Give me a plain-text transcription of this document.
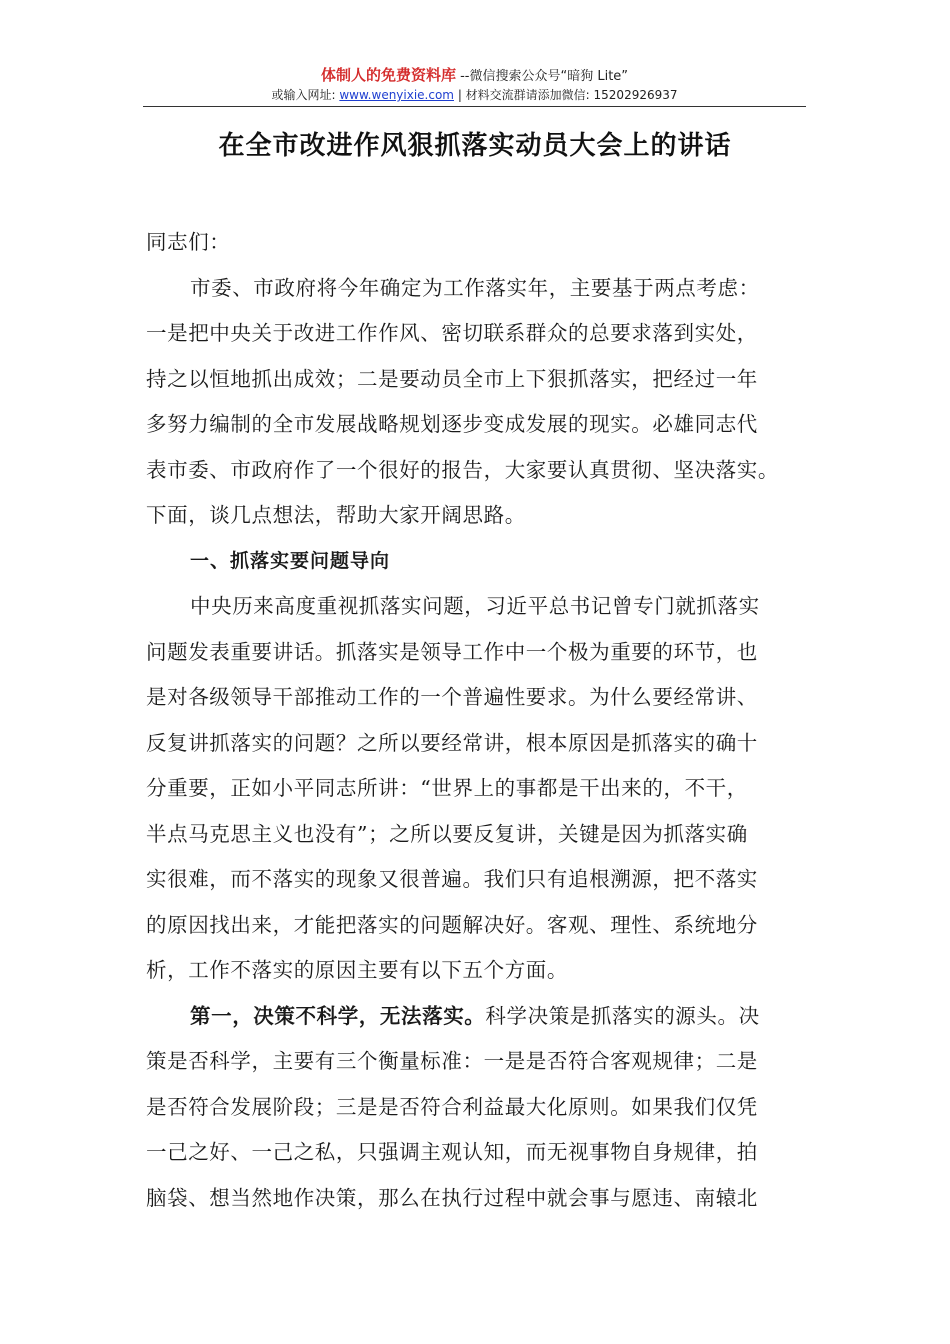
体制人的免费资料库 --微信搜索公众号“暗狗 Lite”
或输入网址: www.wenyixie.com | 材料交流群请添加微信: 15202926937
在全市改进作风狠抓落实动员大会上的讲话
同志们：
市委、市政府将今年确定为工作落实年，主要基于两点考虑：
一是把中央关于改进工作作风、密切联系群众的总要求落到实处，
持之以恒地抓出成效；二是要动员全市上下狠抓落实，把经过一年
多努力编制的全市发展战略规划逐步变成发展的现实。必雄同志代
表市委、市政府作了一个很好的报告，大家要认真贯彻、坚决落实。
下面，谈几点想法，帮助大家开阔思路。
一、抓落实要问题导向
中央历来高度重视抓落实问题，习近平总书记曾专门就抓落实
问题发表重要讲话。抓落实是领导工作中一个极为重要的环节，也
是对各级领导干部推动工作的一个普遍性要求。为什么要经常讲、
反复讲抓落实的问题？之所以要经常讲，根本原因是抓落实的确十
分重要，正如小平同志所讲：“世界上的事都是干出来的，不干，
半点马克思主义也没有”；之所以要反复讲，关键是因为抓落实确
实很难，而不落实的现象又很普遍。我们只有追根溯源，把不落实
的原因找出来，才能把落实的问题解决好。客观、理性、系统地分
析，工作不落实的原因主要有以下五个方面。
第一，决策不科学，无法落实。科学决策是抓落实的源头。决
策是否科学，主要有三个衡量标准：一是是否符合客观规律；二是
是否符合发展阶段；三是是否符合利益最大化原则。如果我们仅凭
一己之好、一己之私，只强调主观认知，而无视事物自身规律，拍
脑袋、想当然地作决策，那么在执行过程中就会事与愿违、南辕北
